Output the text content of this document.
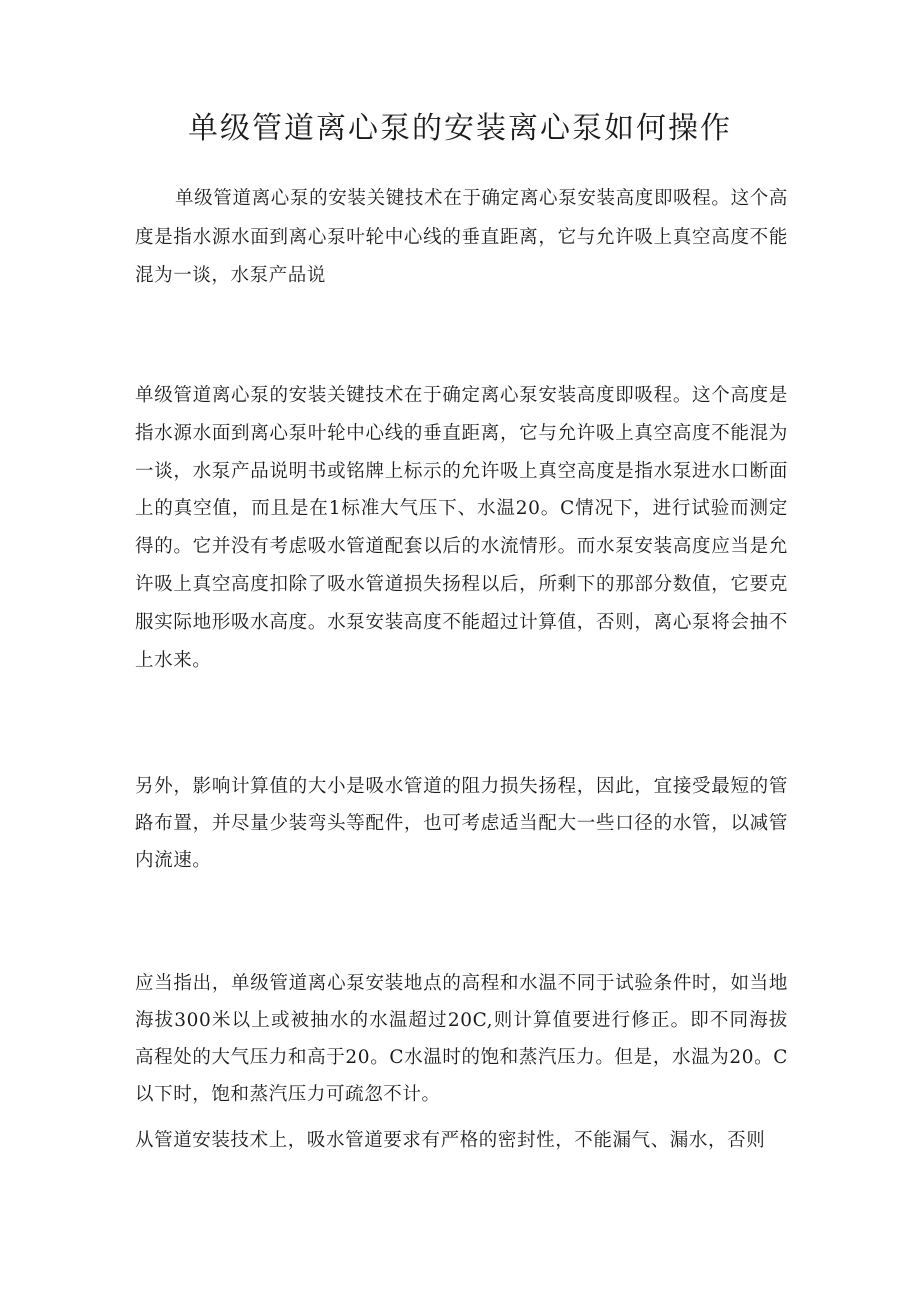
单级管道离心泵的安装离心泵如何操作

单级管道离心泵的安装关键技术在于确定离心泵安装高度即吸程。这个高度是指水源水面到离心泵叶轮中心线的垂直距离，它与允许吸上真空高度不能混为一谈，水泵产品说

单级管道离心泵的安装关键技术在于确定离心泵安装高度即吸程。这个高度是指水源水面到离心泵叶轮中心线的垂直距离，它与允许吸上真空高度不能混为一谈，水泵产品说明书或铭牌上标示的允许吸上真空高度是指水泵进水口断面上的真空值，而且是在1标准大气压下、水温20。C情况下，进行试验而测定得的。它并没有考虑吸水管道配套以后的水流情形。而水泵安装高度应当是允许吸上真空高度扣除了吸水管道损失扬程以后，所剩下的那部分数值，它要克服实际地形吸水高度。水泵安装高度不能超过计算值，否则，离心泵将会抽不上水来。

另外，影响计算值的大小是吸水管道的阻力损失扬程，因此，宜接受最短的管路布置，并尽量少装弯头等配件，也可考虑适当配大一些口径的水管，以减管内流速。

应当指出，单级管道离心泵安装地点的高程和水温不同于试验条件时，如当地海拔300米以上或被抽水的水温超过20C,则计算值要进行修正。即不同海拔高程处的大气压力和高于20。C水温时的饱和蒸汽压力。但是，水温为20。C以下时，饱和蒸汽压力可疏忽不计。

从管道安装技术上，吸水管道要求有严格的密封性，不能漏气、漏水，否则
